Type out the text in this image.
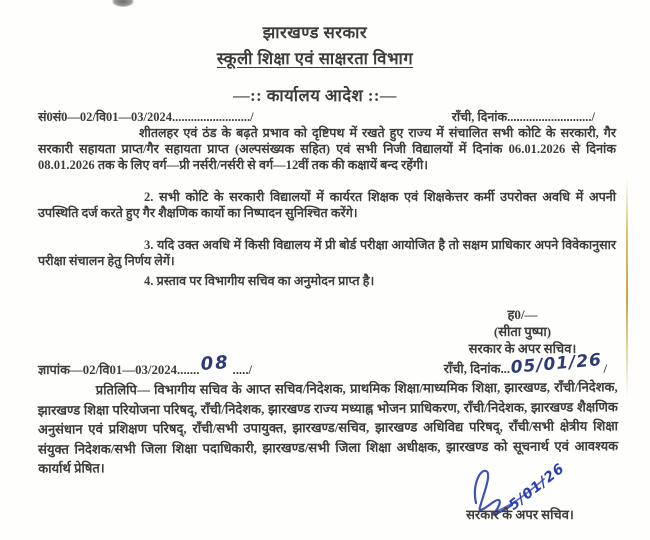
झारखण्ड सरकार
स्कूली शिक्षा एवं साक्षरता विभाग
—:: कार्यालय आदेश ::—
सं0सं0—02/वि01—03/2024........................./	राँची, दिनांक.........................../

शीतलहर एवं ठंड के बढ़ते प्रभाव को दृष्टिपथ में रखते हुए राज्य में संचालित सभी कोटि के सरकारी, गैर सरकारी सहायता प्राप्त/गैर सहायता प्राप्त (अल्पसंख्यक सहित) एवं सभी निजी विद्यालयों में दिनांक 06.01.2026 से दिनांक 08.01.2026 तक के लिए वर्ग—प्री नर्सरी/नर्सरी से वर्ग—12वीं तक की कक्षायें बन्द रहेंगी।

2. सभी कोटि के सरकारी विद्यालयों में कार्यरत शिक्षक एवं शिक्षकेत्तर कर्मी उपरोक्त अवधि में अपनी उपस्थिति दर्ज करते हुए गैर शैक्षणिक कार्यो का निष्पादन सुनिश्चित करेंगे।

3. यदि उक्त अवधि में किसी विद्यालय में प्री बोर्ड परीक्षा आयोजित है तो सक्षम प्राधिकार अपने विवेकानुसार परीक्षा संचालन हेतु निर्णय लेगें।

4. प्रस्ताव पर विभागीय सचिव का अनुमोदन प्राप्त है।

ह0/—
(सीता पुष्पा)
सरकार के अपर सचिव।
ज्ञापांक—02/वि01—03/2024.......08 ...../	राँची, दिनांक...05/01/26/

प्रतिलिपि— विभागीय सचिव के आप्त सचिव/निदेशक, प्राथमिक शिक्षा/माध्यमिक शिक्षा, झारखण्ड, राँची/निदेशक, झारखण्ड शिक्षा परियोजना परिषद्, राँची/निदेशक, झारखण्ड राज्य मध्याह्न भोजन प्राधिकरण, राँची/निदेशक, झारखण्ड शैक्षणिक अनुसंधान एवं प्रशिक्षण परिषद्, राँची/सभी उपायुक्त, झारखण्ड/सचिव, झारखण्ड अधिविद्य परिषद्, राँची/सभी क्षेत्रीय शिक्षा संयुक्त निदेशक/सभी जिला शिक्षा पदाधिकारी, झारखण्ड/सभी जिला शिक्षा अधीक्षक, झारखण्ड को सूचनार्थ एवं आवश्यक कार्यार्थ प्रेषित।	5/01/26
सरकार के अपर सचिव।
